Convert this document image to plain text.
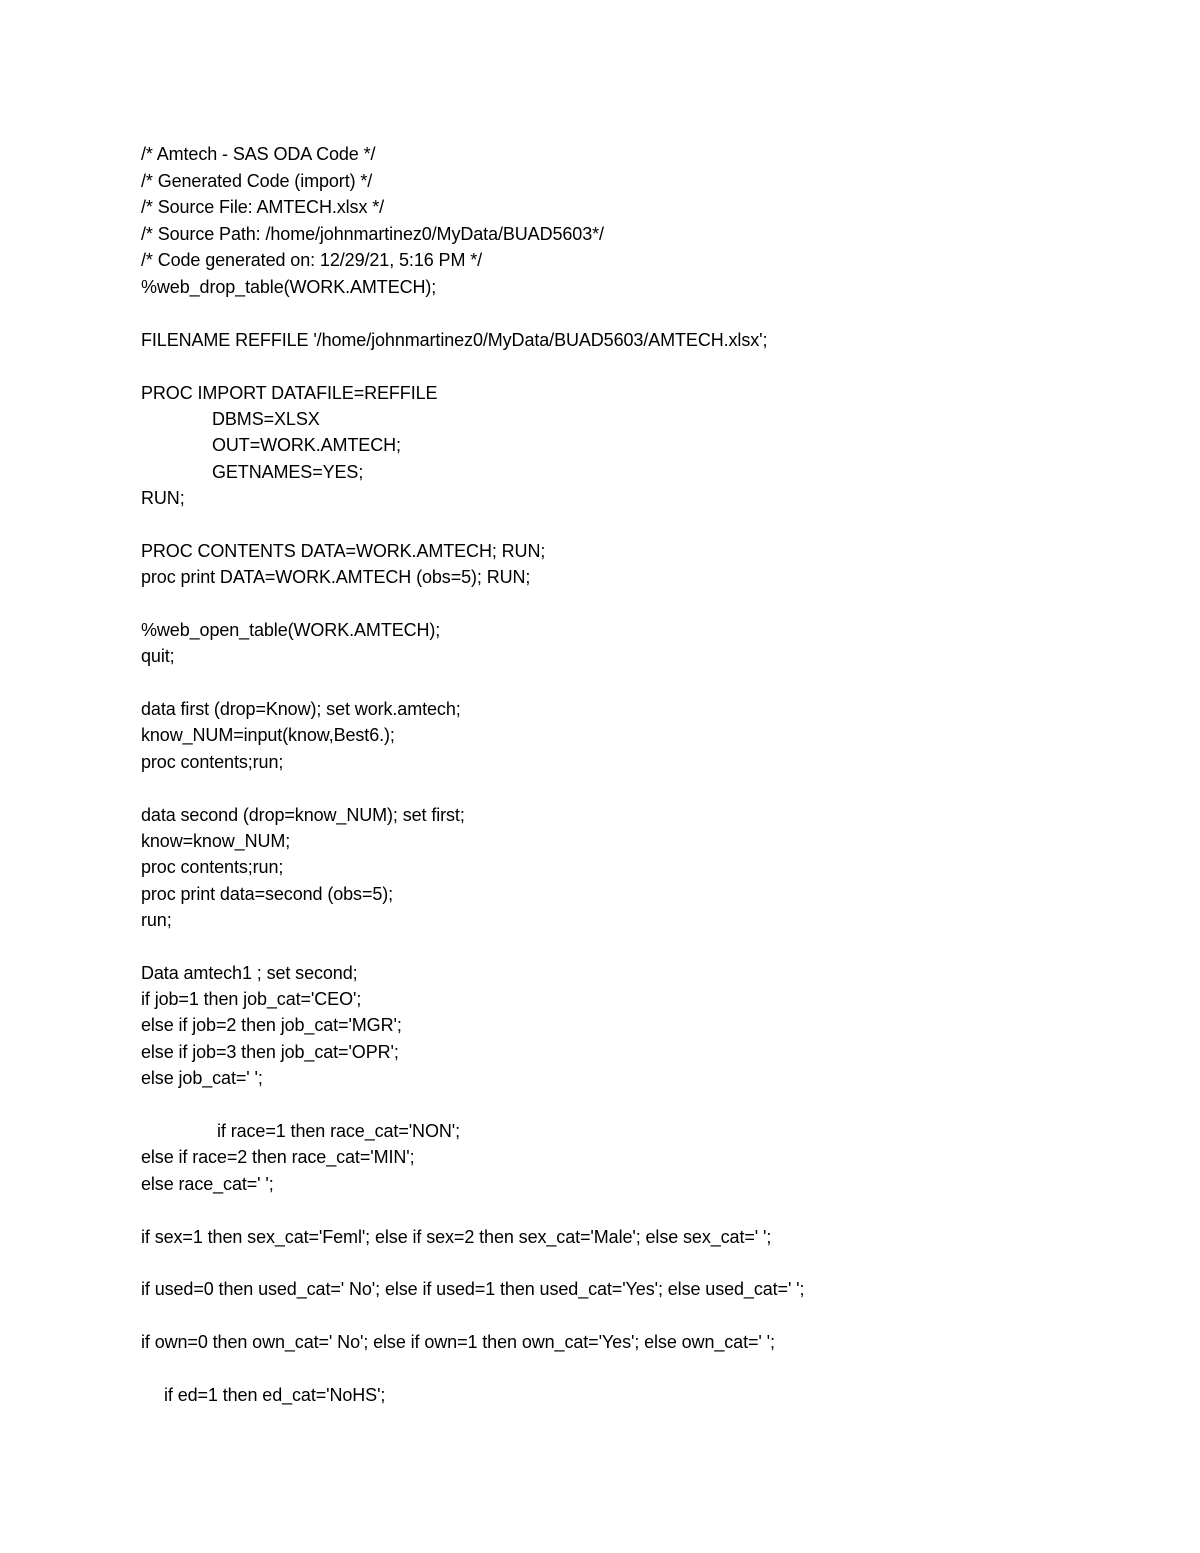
/* Amtech - SAS ODA Code */

/* Generated Code (import) */

/* Source File: AMTECH.xlsx */

/* Source Path: /home/johnmartinez0/MyData/BUAD5603*/

/* Code generated on: 12/29/21, 5:16 PM */

%web_drop_table(WORK.AMTECH);

FILENAME REFFILE '/home/johnmartinez0/MyData/BUAD5603/AMTECH.xlsx';

PROC IMPORT DATAFILE=REFFILE

DBMS=XLSX

OUT=WORK.AMTECH;

GETNAMES=YES;

RUN;

PROC CONTENTS DATA=WORK.AMTECH; RUN;

proc print DATA=WORK.AMTECH (obs=5); RUN;

%web_open_table(WORK.AMTECH);

quit;

data first (drop=Know); set work.amtech;

know_NUM=input(know,Best6.);

proc contents;run;

data second (drop=know_NUM); set first;

know=know_NUM;

proc contents;run;

proc print data=second (obs=5);

run;

Data amtech1 ; set second;

if job=1 then job_cat='CEO';

else if job=2 then job_cat='MGR';

else if job=3 then job_cat='OPR';

else job_cat=' ';

if race=1 then race_cat='NON';

else if race=2 then race_cat='MIN';

else race_cat=' ';

if sex=1 then sex_cat='Feml'; else if sex=2 then sex_cat='Male'; else sex_cat=' ';

if used=0 then used_cat=' No'; else if used=1 then used_cat='Yes'; else used_cat=' ';

if own=0 then own_cat=' No'; else if own=1 then own_cat='Yes'; else own_cat=' ';

if ed=1 then ed_cat='NoHS';
